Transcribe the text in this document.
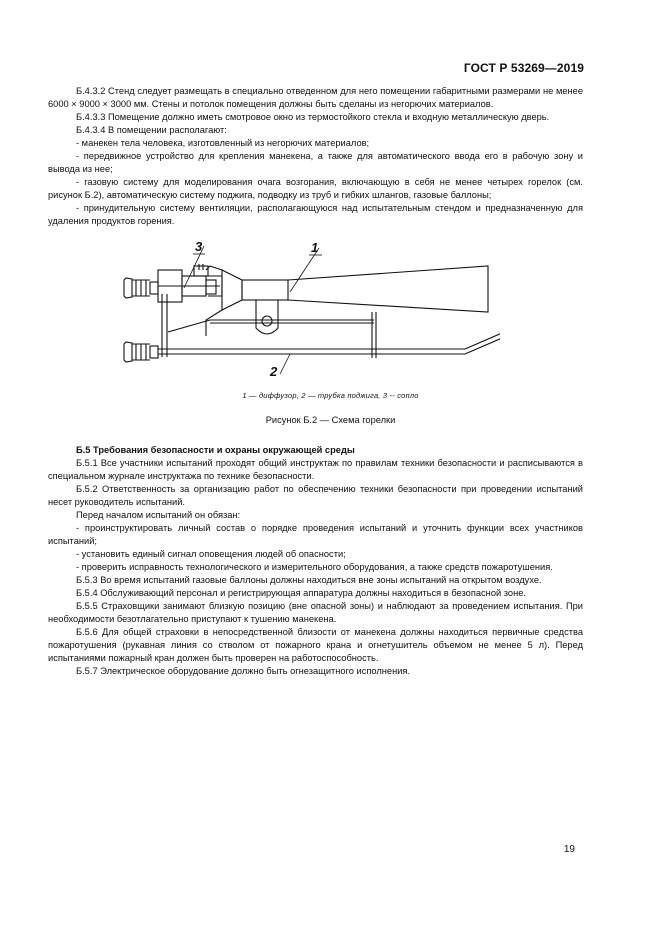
ГОСТ Р 53269—2019

Б.4.3.2 Стенд следует размещать в специально отведенном для него помещении габаритными размерами не менее 6000 × 9000 × 3000 мм. Стены и потолок помещения должны быть сделаны из негорючих материалов.

Б.4.3.3 Помещение должно иметь смотровое окно из термостойкого стекла и входную металлическую дверь.

Б.4.3.4 В помещении располагают:

- манекен тела человека, изготовленный из негорючих материалов;

- передвижное устройство для крепления манекена, а также для автоматического ввода его в рабочую зону и вывода из нее;

- газовую систему для моделирования очага возгорания, включающую в себя не менее четырех горелок (см. рисунок Б.2), автоматическую систему поджига, подводку из труб и гибких шлангов, газовые баллоны;

- принудительную систему вентиляции, располагающуюся над испытательным стендом и предназначенную для удаления продуктов горения.

3	1
2
1 — диффузор, 2 — трубка поджига, 3 -- сопло
Рисунок Б.2 — Схема горелки

Б.5 Требования безопасности и охраны окружающей среды

Б.5.1 Все участники испытаний проходят общий инструктаж по правилам техники безопасности и расписываются в специальном журнале инструктажа по технике безопасности.

Б.5.2 Ответственность за организацию работ по обеспечению техники безопасности при проведении испытаний несет руководитель испытаний.

Перед началом испытаний он обязан:

- проинструктировать личный состав о порядке проведения испытаний и уточнить функции всех участников испытаний;

- установить единый сигнал оповещения людей об опасности;

- проверить исправность технологического и измерительного оборудования, а также средств пожаротушения.

Б.5.3 Во время испытаний газовые баллоны должны находиться вне зоны испытаний на открытом воздухе.

Б.5.4 Обслуживающий персонал и регистрирующая аппаратура должны находиться в безопасной зоне.

Б.5.5 Страховщики занимают близкую позицию (вне опасной зоны) и наблюдают за проведением испытания. При необходимости безотлагательно приступают к тушению манекена.

Б.5.6 Для общей страховки в непосредственной близости от манекена должны находиться первичные средства пожаротушения (рукавная линия со стволом от пожарного крана и огнетушитель объемом не менее 5 л). Перед испытаниями пожарный кран должен быть проверен на работоспособность.

Б.5.7 Электрическое оборудование должно быть огнезащитного исполнения.

19
